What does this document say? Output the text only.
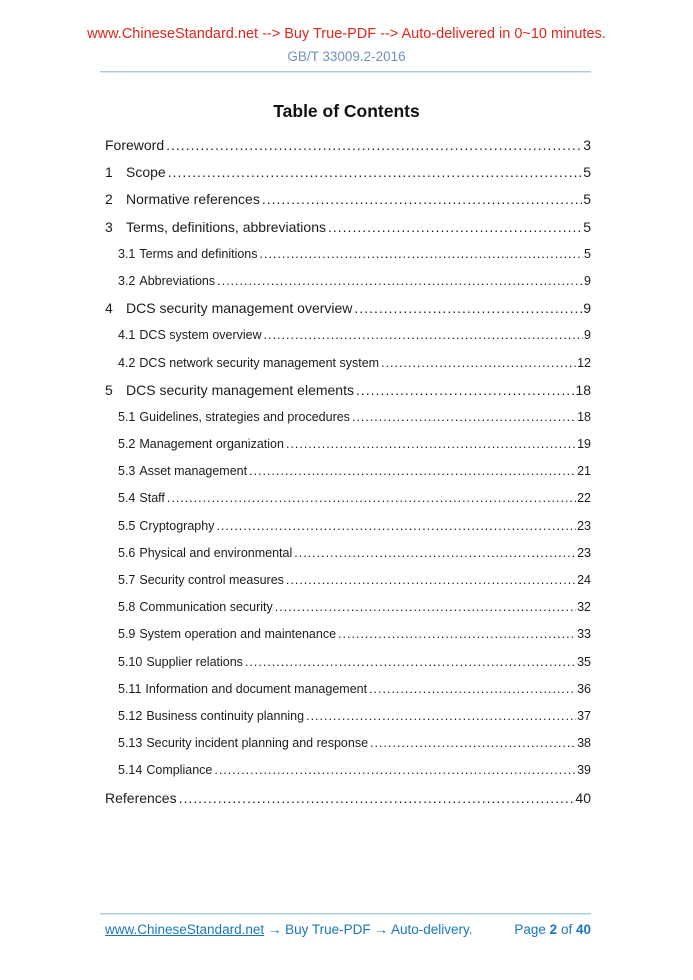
www.ChineseStandard.net --> Buy True-PDF --> Auto-delivered in 0~10 minutes.
GB/T 33009.2-2016
Table of Contents
Foreword .....	3
1 Scope .....	5
2 Normative references .....	5
3 Terms, definitions, abbreviations .....	5
3.1 Terms and definitions .....	5
3.2 Abbreviations .....	9
4 DCS security management overview .....	9
4.1 DCS system overview .....	9
4.2 DCS network security management system .....	12
5 DCS security management elements .....	18
5.1 Guidelines, strategies and procedures .....	18
5.2 Management organization .....	19
5.3 Asset management .....	21
5.4 Staff .....	22
5.5 Cryptography .....	23
5.6 Physical and environmental .....	23
5.7 Security control measures .....	24
5.8 Communication security .....	32
5.9 System operation and maintenance .....	33
5.10 Supplier relations .....	35
5.11 Information and document management .....	36
5.12 Business continuity planning .....	37
5.13 Security incident planning and response .....	38
5.14 Compliance .....	39
References .....	40
www.ChineseStandard.net → Buy True-PDF → Auto-delivery.	Page 2 of 40
